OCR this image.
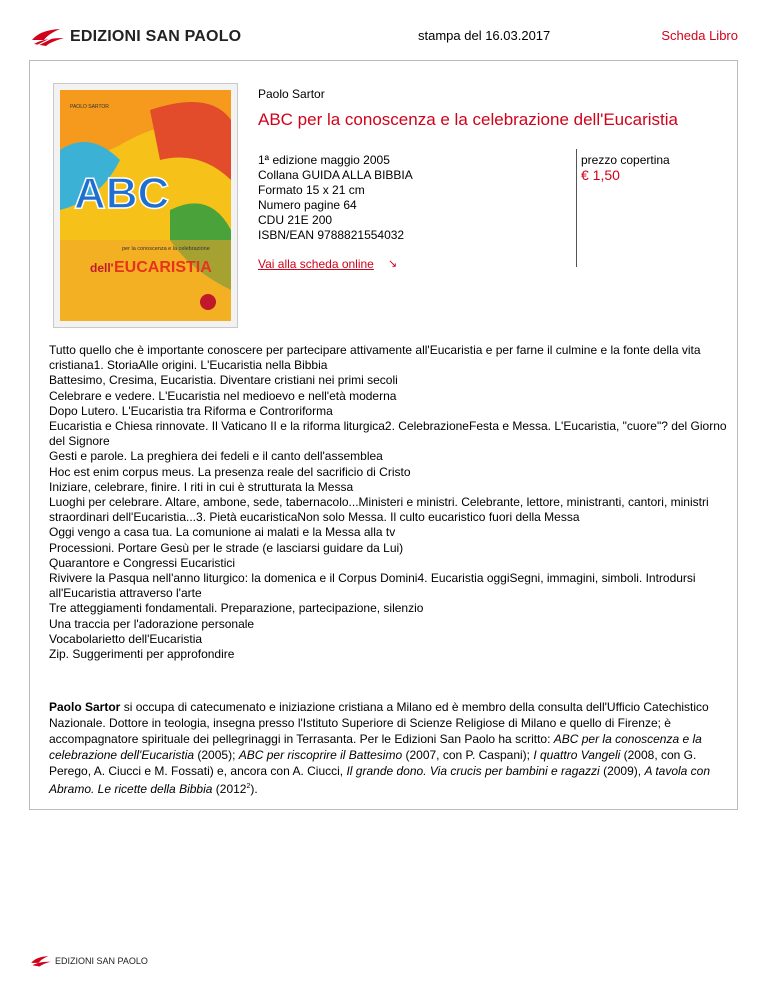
EDIZIONI SAN PAOLO	stampa del 16.03.2017	Scheda Libro
PAOLO SARTOR
ABC
per la conoscenza e la celebrazione
dell' EUCARISTIA
Paolo Sartor
ABC per la conoscenza e la celebrazione dell'Eucaristia
1ª edizione maggio 2005
Collana GUIDA ALLA BIBBIA
Formato 15 x 21 cm
Numero pagine 64
CDU 21E 200
ISBN/EAN 9788821554032
Vai alla scheda online ↘
prezzo copertina
€ 1,50
Tutto quello che è importante conoscere per partecipare attivamente all'Eucaristia e per farne il culmine e la fonte della vita cristiana1. StoriaAlle origini. L'Eucaristia nella Bibbia
Battesimo, Cresima, Eucaristia. Diventare cristiani nei primi secoli
Celebrare e vedere. L'Eucaristia nel medioevo e nell'età moderna
Dopo Lutero. L'Eucaristia tra Riforma e Controriforma
Eucaristia e Chiesa rinnovate. Il Vaticano II e la riforma liturgica2. CelebrazioneFesta e Messa. L'Eucaristia, "cuore"? del Giorno del Signore
Gesti e parole. La preghiera dei fedeli e il canto dell'assemblea
Hoc est enim corpus meus. La presenza reale del sacrificio di Cristo
Iniziare, celebrare, finire. I riti in cui è strutturata la Messa
Luoghi per celebrare. Altare, ambone, sede, tabernacolo...Ministeri e ministri. Celebrante, lettore, ministranti, cantori, ministri straordinari dell'Eucaristia...3. Pietà eucaristicaNon solo Messa. Il culto eucaristico fuori della Messa
Oggi vengo a casa tua. La comunione ai malati e la Messa alla tv
Processioni. Portare Gesù per le strade (e lasciarsi guidare da Lui)
Quarantore e Congressi Eucaristici
Rivivere la Pasqua nell'anno liturgico: la domenica e il Corpus Domini4. Eucaristia oggiSegni, immagini, simboli. Introdursi all'Eucaristia attraverso l'arte
Tre atteggiamenti fondamentali. Preparazione, partecipazione, silenzio
Una traccia per l'adorazione personale
Vocabolarietto dell'Eucaristia
Zip. Suggerimenti per approfondire
Paolo Sartor si occupa di catecumenato e iniziazione cristiana a Milano ed è membro della consulta dell'Ufficio Catechistico Nazionale. Dottore in teologia, insegna presso l'Istituto Superiore di Scienze Religiose di Milano e quello di Firenze; è accompagnatore spirituale dei pellegrinaggi in Terrasanta. Per le Edizioni San Paolo ha scritto: ABC per la conoscenza e la celebrazione dell'Eucaristia (2005); ABC per riscoprire il Battesimo (2007, con P. Caspani); I quattro Vangeli (2008, con G. Perego, A. Ciucci e M. Fossati) e, ancora con A. Ciucci, Il grande dono. Via crucis per bambini e ragazzi (2009), A tavola con Abramo. Le ricette della Bibbia (2012$^2$).
EDIZIONI SAN PAOLO
